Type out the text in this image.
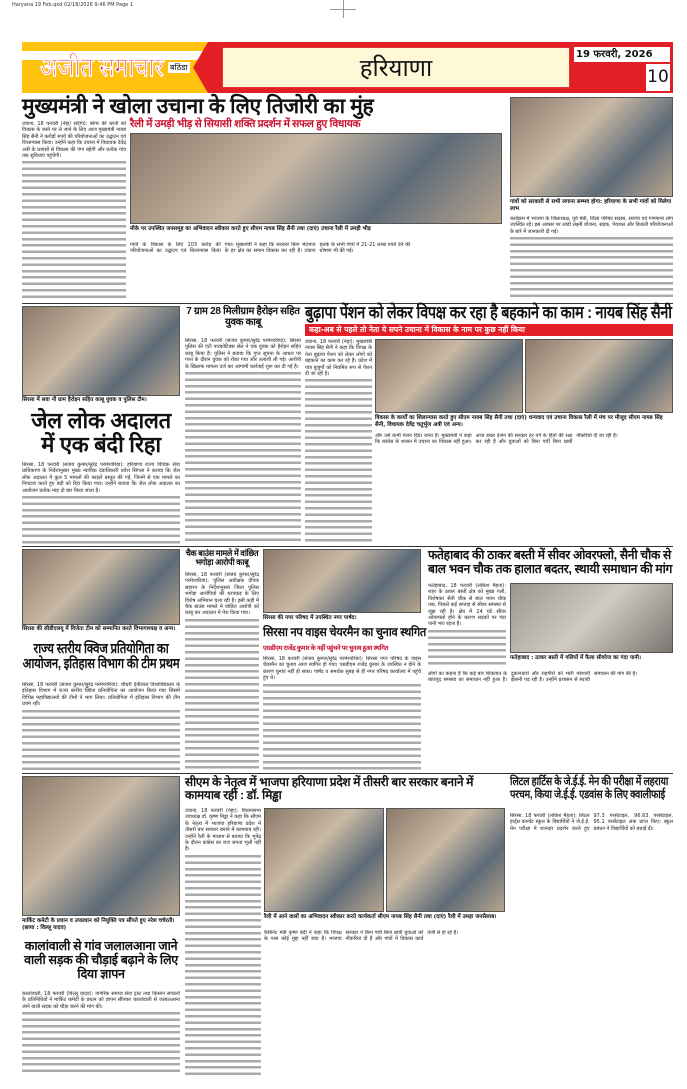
Haryana 19 Feb.qxd 02/18/2026 9:46 PM Page 1
अजीत समाचार बठिंडा	हरियाणा	19 फरवरी, 2026
10
मुख्यमंत्री ने खोला उचाना के लिए तिजोरी का मुंह
उचाना, 18 फरवरी (नेहा/ संदीप): बांगर की धरती को विकास के रास्ते पर ले जाने के लिए आज मुख्यमंत्री नायब सिंह सैनी ने करोड़ों रुपये की परियोजनाओं का उद्घाटन एवं शिलान्यास किया। उन्होंने कहा कि उचाना में विधायक देवेंद्र अत्री के प्रयासों से विकास की गंगा बहेगी और प्रत्येक गांव तक सुविधाएं पहुंचेंगी।
रैली में उमड़ी भीड़ से सियासी शक्ति प्रदर्शन में सफल हुए विधायक
मौके पर उपस्थित जनसमूह का अभिवादन स्वीकार करते हुए सीएम नायब सिंह सैनी तथा (दाएं) उचाना रैली में उमड़ी भीड़
गांवों के विकास के लिए 103 करोड़ की परियोजनाओं का उद्घाटन एवं शिलान्यास किया गया। मुख्यमंत्री ने कहा कि सरकार बिना भेदभाव के हर क्षेत्र का समान विकास कर रही है। उचाना हलके के सभी गांवों में 21-21 लाख रुपये देने की घोषणा भी की गई।
गांवों को सरकारी से सभी लगाना सम्भव होगा: हरियाणा के सभी गांवों को मिलेगा लाभ
कार्यक्रम में भाजपा के जिलाध्यक्ष, पूर्व मंत्री, जिला परिषद सदस्य, सरपंच एवं गणमान्य लोग उपस्थित रहे। इस अवसर पर लाडो लक्ष्मी योजना, सड़क, पेयजल और बिजली परियोजनाओं के बारे में जानकारी दी गई।
सिरसा में सवा नौ ग्राम हैरोइन सहित काबू युवक व पुलिस टीम।
जेल लोक अदालत में एक बंदी रिहा
सिरसा, 18 फरवरी (संजय कुमार/सुरेंद्र परमेश्वरिया): हरियाणा राज्य विधिक सेवा प्राधिकरण के निर्देशानुसार मुख्य न्यायिक दंडाधिकारी प्रवेश सिंगला ने बताया कि जेल लोक अदालत में कुल 5 मामलों की फाइलें प्रस्तुत की गईं, जिनमें से एक मामले का निपटारा करते हुए बंदी को रिहा किया गया। उन्होंने बताया कि जेल लोक अदालत का आयोजन प्रत्येक माह दो बार किया जाता है।
7 ग्राम 28 मिलीग्राम हैरोइन सहित युवक काबू
सिरसा, 18 फरवरी (संजय कुमार/सुरेंद्र परमेश्वरिया): सिरसा पुलिस की एंटी नारकोटिक्स सेल ने एक युवक को हैरोइन सहित काबू किया है। पुलिस ने बताया कि गुप्त सूचना के आधार पर गश्त के दौरान युवक को रोका गया और तलाशी ली गई। आरोपी के खिलाफ मामला दर्ज कर आगामी कार्रवाई शुरू कर दी गई है।
बुढ़ापा पेंशन को लेकर विपक्ष कर रहा है बहकाने का काम : नायब सिंह सैनी
कहा-अब से पहले तो नेता ये सपने उचाना में विकास के नाम पर कुछ नहीं किया
उचाना, 18 फरवरी (नेहा): मुख्यमंत्री नायब सिंह सैनी ने कहा कि विपक्ष के नेता बुढ़ापा पेंशन को लेकर लोगों को बहकाने का काम कर रहे हैं। प्रदेश में पात्र बुजुर्गों को नियमित रूप से पेंशन दी जा रही है।
विकास के कार्यों का शिलान्यास करते हुए सीएम नायब सिंह सैनी तथा (दाएं) धन्यवाद एवं उचाना विकास रैली में मंच पर मौजूद सीएम नायब सिंह सैनी, विधायक देवेंद्र चतुर्भुज अत्री एवं अन्य।
और उसे कभी पेंशन दिया जाना है। मुख्यमंत्री ने कहा कि कांग्रेस के शासन में उचाना का विकास नहीं हुआ। आज डबल इंजन की सरकार हर वर्ग के हितों की रक्षा कर रही है और युवाओं को बिना पर्ची बिना खर्ची नौकरियां दी जा रही हैं।
सिरसा की सीडीएलयू में विजेता टीम को सम्मानित करते विभागाध्यक्ष व अन्य।
राज्य स्तरीय क्विज प्रतियोगिता का आयोजन, इतिहास विभाग की टीम प्रथम
सिरसा, 18 फरवरी (संजय कुमार/सुरेंद्र परमेश्वरिया): चौधरी देवीलाल विश्वविद्यालय के इतिहास विभाग में राज्य स्तरीय क्विज प्रतियोगिता का आयोजन किया गया जिसमें विभिन्न महाविद्यालयों की टीमों ने भाग लिया। प्रतियोगिता में इतिहास विभाग की टीम प्रथम रही।
चैक बाउंस मामले में वांछित भगोड़ा आरोपी काबू
सिरसा, 18 फरवरी (संजय कुमार/सुरेंद्र परमेश्वरिया): पुलिस अधीक्षक दीपक सहारन के निर्देशानुसार जिला पुलिस भगोड़ा आरोपियों की धरपकड़ के लिए विशेष अभियान चला रही है। इसी कड़ी में चैक बाउंस मामले में वांछित आरोपी को काबू कर अदालत में पेश किया गया।
सिरसा की नगर परिषद में उपस्थित नगर पार्षद।
सिरसा नप वाइस चेयरमैन का चुनाव स्थगित
एसडीएम राजेंद्र कुमार के नहीं पहुंचने पर चुनाव हुआ स्थगित
सिरसा, 18 फरवरी (संजय कुमार/सुरेंद्र परमेश्वरिया): सिरसा नगर परिषद के वाइस चेयरमैन का चुनाव आज स्थगित हो गया। एसडीएम राजेंद्र कुमार के उपस्थित न होने के कारण चुनाव नहीं हो सका। पार्षद व समर्थक सुबह से ही नगर परिषद कार्यालय में पहुंचे हुए थे।
फतेहाबाद की ठाकर बस्ती में सीवर ओवरफ्लो, सैनी चौक से बाल भवन चौक तक हालात बदतर, स्थायी समाधान की मांग
फतेहाबाद, 18 फरवरी (लोकेश मैहता): शहर के ठाकर बस्ती क्षेत्र को मुख्य गली, विशेषकर सैनी चौक से बाल भवन चौक तक, पिछले कई सप्ताह से सीवर समस्या से जूझ रही है। क्षेत्र में 24 घंटे सीवर ओवरफ्लो होने के कारण सड़कों पर गंदा पानी भरा रहता है।
फतेहाबाद : ठाकर बस्ती में गलियों में फैला सीवरेज का गंदा पानी।
लोगों का कहना है कि कई बार शिकायत के बावजूद समस्या का समाधान नहीं हुआ है। दुकानदारों और राहगीरों को भारी परेशानी झेलनी पड़ रही है। उन्होंने प्रशासन से स्थायी समाधान की मांग की है।
मार्किट कमेटी के प्रधान व उपप्रधान को नियुक्ति पत्र सौंपते हुए नरेश चचेरती। (छाया : विल्लू यादव)
कालांवाली से गांव जलालआना जाने वाली सड़क की चौड़ाई बढ़ाने के लिए दिया ज्ञापन
कालांवाली, 18 फरवरी (विल्लू यादव): नागरिक समाज सेवा ट्रस्ट तथा किसान संगठनों के प्रतिनिधियों ने मार्किट कमेटी के प्रधान को ज्ञापन सौंपकर कालांवाली से जलालआना जाने वाली सड़क को चौड़ा करने की मांग की।
सीएम के नेतृत्व में भाजपा हरियाणा प्रदेश में तीसरी बार सरकार बनाने में कामयाब रही : डॉ. मिड्ढा
उचाना, 18 फरवरी (नेहा): विधानसभा उपाध्यक्ष डॉ. कृष्ण मिड्ढा ने कहा कि सीएम के नेतृत्व में भाजपा हरियाणा प्रदेश में तीसरी बार सरकार बनाने में कामयाब रही। उन्होंने रैली के माध्यम से बताया कि भूपेंद्र के दौरान कांग्रेस का राज जनता भूली नहीं है।
रैली में आने वालों का अभिवादन स्वीकार करते कार्यकर्ता सीएम नायब सिंह सैनी तथा (दाएं) रैली में उमड़ा जनसैलाब।
कैबिनेट मंत्री कृष्ण बेदी ने कहा कि विपक्ष के पास कोई मुद्दा नहीं बचा है। भाजपा सरकार ने बिना पर्ची बिना खर्ची युवाओं को नौकरियां दी हैं और गांवों में विकास कार्य तेजी से हो रहे हैं।
लिटल हार्टिस के जे.ई.ई. मेन की परीक्षा में लहराया परचम, किया जे.ई.ई. एडवांस के लिए क्वालीफाई
सिरसा, 18 फरवरी (लोकेश मैहता): लिटल हार्ट्स कान्वेंट स्कूल के विद्यार्थियों ने जे.ई.ई. मेन परीक्षा में शानदार प्रदर्शन करते हुए 97.3 परसेंटाइल, 96.63 परसेंटाइल, 95.1 परसेंटाइल अंक प्राप्त किए। स्कूल प्रबंधन ने विद्यार्थियों को बधाई दी।
